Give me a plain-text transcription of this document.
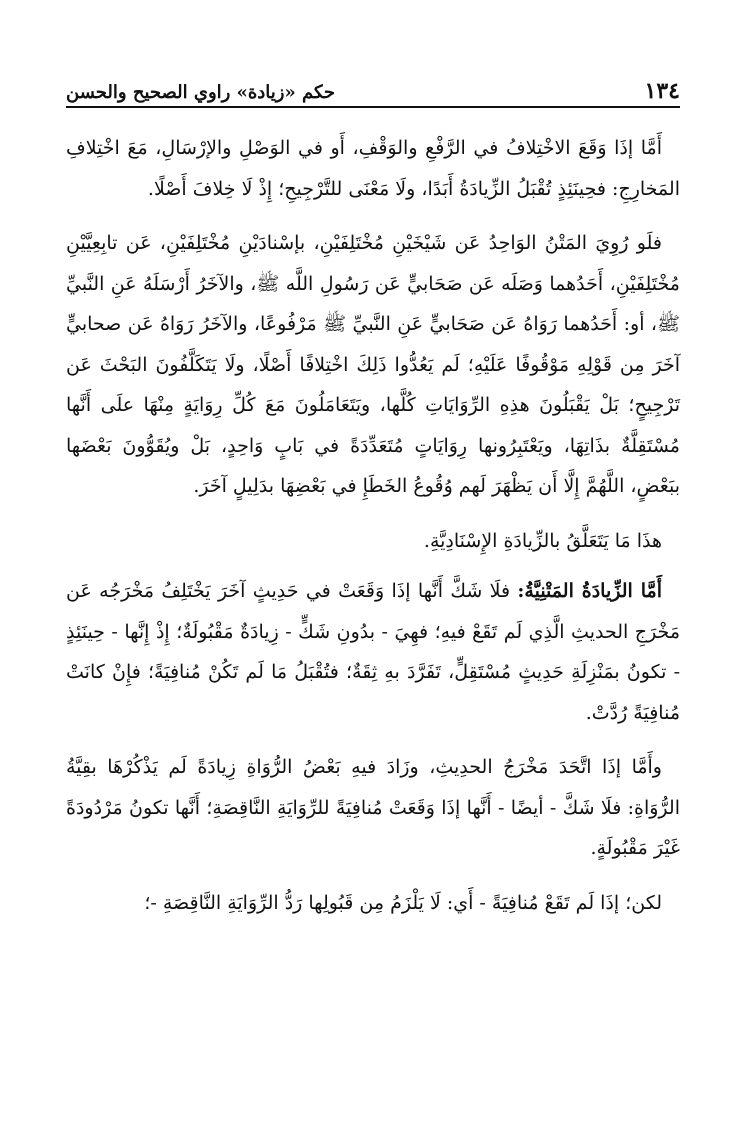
١٣٤
حكم «زيادة» راوي الصحيح والحسن

أَمَّا إذَا وَقَعَ الاخْتِلافُ في الرَّفْعِ والوَقْفِ، أَو في الوَصْلِ والإرْسَالِ، مَعَ اخْتِلافِ المَخارِجِ: فحِينَئِذٍ تُقْبَلُ الزِّيادَةُ أَبَدًا، ولَا مَعْنَى للتَّرْجِيحِ؛ إِذْ لَا خِلافَ أَصْلًا.

فلَو رُوِيَ المَتْنُ الوَاحِدُ عَن شَيْخَيْنِ مُخْتَلِفَيْنِ، بإسْنادَيْنِ مُخْتَلِفَيْنِ، عَن تابِعِيَّيْنِ مُخْتَلِفَيْنِ، أَحَدُهما وَصَلَه عَن صَحَابيٍّ عَن رَسُولِ اللَّه ﷺ، والآخَرُ أَرْسَلَهُ عَنِ النَّبيِّ ﷺ، أو: أَحَدُهما رَوَاهُ عَن صَحَابيٍّ عَنِ النَّبيِّ ﷺ مَرْفُوعًا، والآخَرُ رَوَاهُ عَن صحابيٍّ آخَرَ مِن قَوْلِهِ مَوْقُوفًا عَلَيْهِ؛ لَم يَعُدُّوا ذَلِكَ اخْتِلافًا أَصْلًا، ولَا يَتَكَلَّفُونَ البَحْثَ عَن تَرْجِيحٍ؛ بَلْ يَقْبَلُونَ هذِهِ الرِّوَايَاتِ كُلَّها، ويَتَعَامَلُونَ مَعَ كُلِّ رِوَايَةٍ مِنْهَا علَى أَنَّها مُسْتَقِلَّةٌ بذَاتِهَا، ويَعْتَبِرُونها رِوَايَاتٍ مُتَعَدِّدَةً في بَابٍ وَاحِدٍ، بَلْ ويُقَوُّونَ بَعْضَها ببَعْضٍ، اللَّهُمَّ إِلَّا أَن يَظْهَرَ لَهم وُقُوعُ الخَطَإِ في بَعْضِهَا بدَلِيلٍ آخَرَ.

هذَا مَا يَتَعَلَّقُ بالزِّيادَةِ الإِسْنَادِيَّةِ.

أَمَّا الزِّيادَةُ المَتْنِيَّةُ: فلَا شَكَّ أَنَّها إذَا وَقَعَتْ في حَدِيثٍ آخَرَ يَخْتَلِفُ مَخْرَجُه عَن مَخْرَجِ الحديثِ الَّذِي لَم تَقَعْ فيهِ؛ فهِيَ - بدُونِ شَكٍّ - زِيادَةٌ مَقْبُولَةٌ؛ إِذْ إِنَّها - حِينَئِذٍ - تكونُ بمَنْزِلَةِ حَدِيثٍ مُسْتَقِلٍّ، تَفَرَّدَ بهِ ثِقَةٌ؛ فتُقْبَلُ مَا لَم تَكُنْ مُنافِيَةً؛ فإِنْ كانَتْ مُنافِيَةً رُدَّتْ.

وأَمَّا إذَا اتَّحَدَ مَخْرَجُ الحدِيثِ، وزَادَ فيهِ بَعْضُ الرُّوَاةِ زِيادَةً لَم يَذْكُرْهَا بقِيَّةُ الرُّوَاةِ: فلَا شَكَّ - أيضًا - أَنَّها إذَا وَقَعَتْ مُنافِيَةً للرِّوَايَةِ النَّاقِصَةِ؛ أَنَّها تكونُ مَرْدُودَةً غَيْرَ مَقْبُولَةٍ.

لكن؛ إذَا لَم تَقَعْ مُنافِيَةً - أَي: لَا يَلْزَمُ مِن قَبُولِها رَدُّ الرِّوَايَةِ النَّاقِصَةِ -؛
